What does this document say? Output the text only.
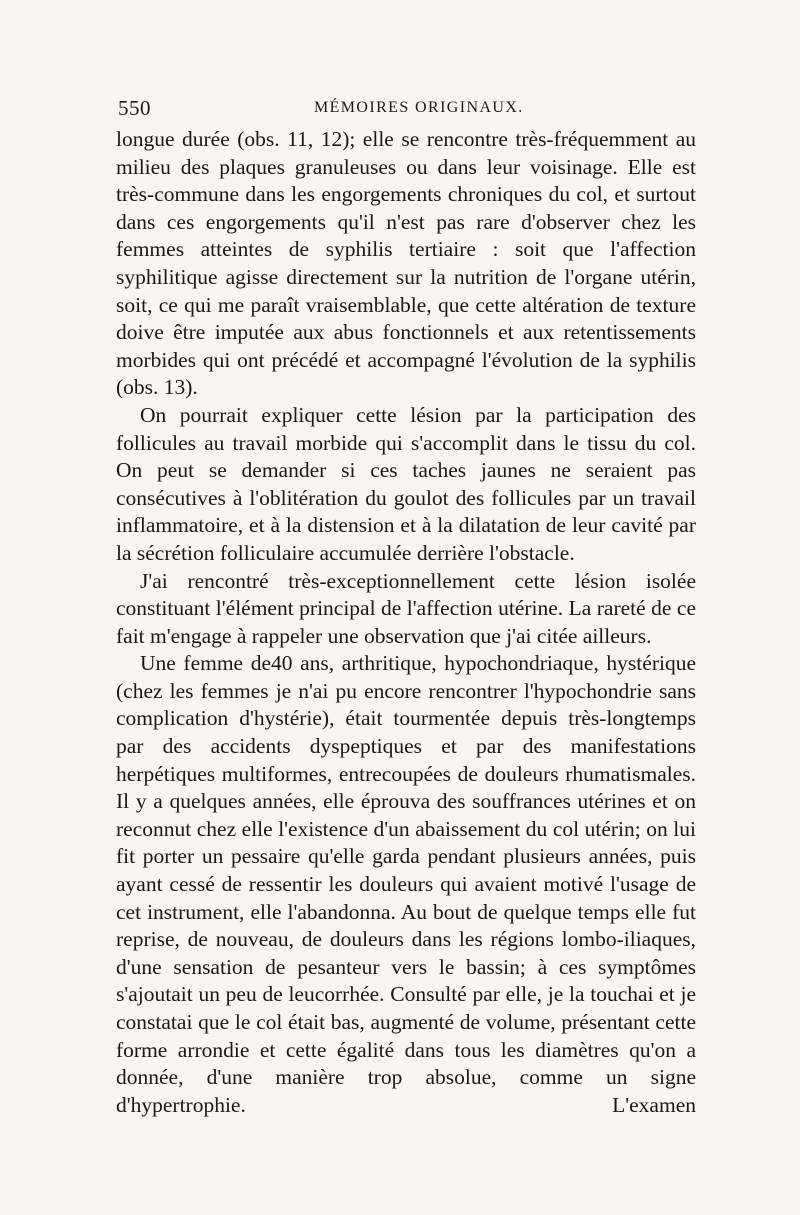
550	MÉMOIRES ORIGINAUX.

longue durée (obs. 11, 12); elle se rencontre très-fréquemment au milieu des plaques granuleuses ou dans leur voisinage. Elle est très-commune dans les engorgements chroniques du col, et surtout dans ces engorgements qu'il n'est pas rare d'observer chez les femmes atteintes de syphilis tertiaire : soit que l'affection syphilitique agisse directement sur la nutrition de l'organe utérin, soit, ce qui me paraît vraisemblable, que cette altération de texture doive être imputée aux abus fonctionnels et aux retentissements morbides qui ont précédé et accompagné l'évolution de la syphilis (obs. 13).

On pourrait expliquer cette lésion par la participation des follicules au travail morbide qui s'accomplit dans le tissu du col. On peut se demander si ces taches jaunes ne seraient pas consécutives à l'oblitération du goulot des follicules par un travail inflammatoire, et à la distension et à la dilatation de leur cavité par la sécrétion folliculaire accumulée derrière l'obstacle.

J'ai rencontré très-exceptionnellement cette lésion isolée constituant l'élément principal de l'affection utérine. La rareté de ce fait m'engage à rappeler une observation que j'ai citée ailleurs.

Une femme de40 ans, arthritique, hypochondriaque, hystérique (chez les femmes je n'ai pu encore rencontrer l'hypochondrie sans complication d'hystérie), était tourmentée depuis très-longtemps par des accidents dyspeptiques et par des manifestations herpétiques multiformes, entrecoupées de douleurs rhumatismales. Il y a quelques années, elle éprouva des souffrances utérines et on reconnut chez elle l'existence d'un abaissement du col utérin; on lui fit porter un pessaire qu'elle garda pendant plusieurs années, puis ayant cessé de ressentir les douleurs qui avaient motivé l'usage de cet instrument, elle l'abandonna. Au bout de quelque temps elle fut reprise, de nouveau, de douleurs dans les régions lombo-iliaques, d'une sensation de pesanteur vers le bassin; à ces symptômes s'ajoutait un peu de leucorrhée. Consulté par elle, je la touchai et je constatai que le col était bas, augmenté de volume, présentant cette forme arrondie et cette égalité dans tous les diamètres qu'on a donnée, d'une manière trop absolue, comme un signe d'hypertrophie. L'examen
